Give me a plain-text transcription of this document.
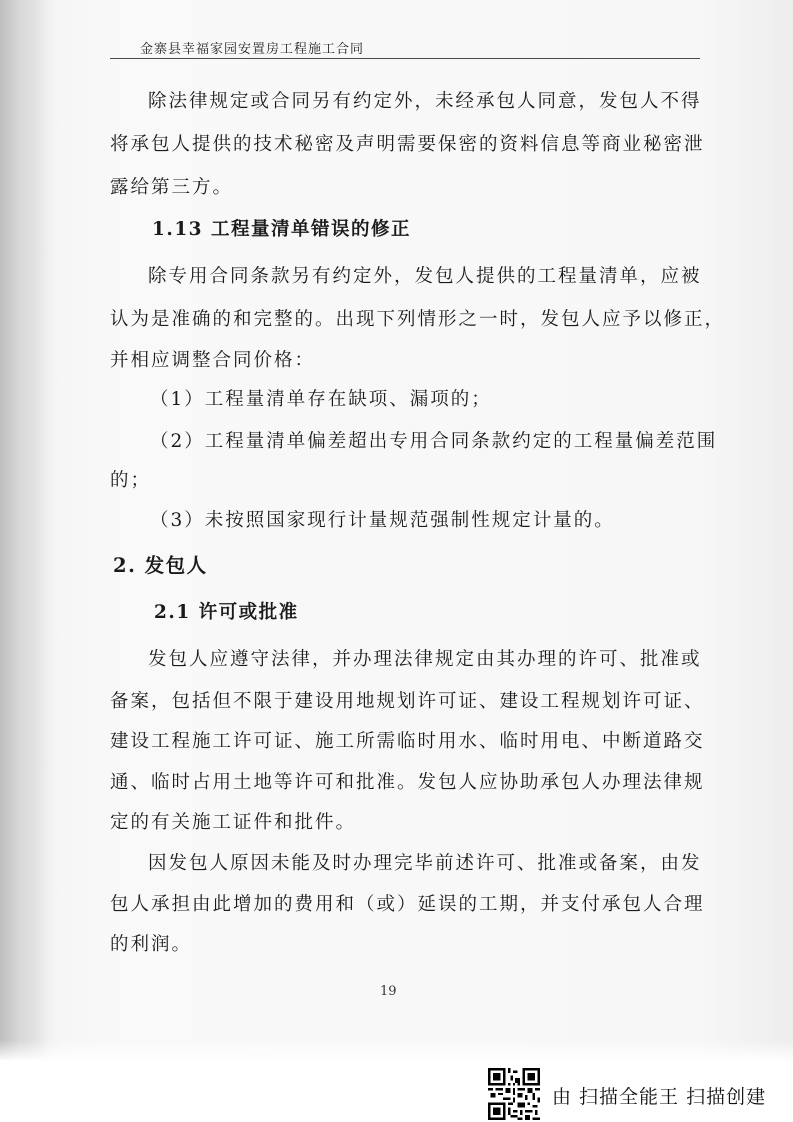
金寨县幸福家园安置房工程施工合同
除法律规定或合同另有约定外，未经承包人同意，发包人不得
将承包人提供的技术秘密及声明需要保密的资料信息等商业秘密泄
露给第三方。
1.13 工程量清单错误的修正
除专用合同条款另有约定外，发包人提供的工程量清单，应被
认为是准确的和完整的。出现下列情形之一时，发包人应予以修正，
并相应调整合同价格：
（1）工程量清单存在缺项、漏项的；
（2）工程量清单偏差超出专用合同条款约定的工程量偏差范围
的；
（3）未按照国家现行计量规范强制性规定计量的。
2. 发包人
2.1 许可或批准
发包人应遵守法律，并办理法律规定由其办理的许可、批准或
备案，包括但不限于建设用地规划许可证、建设工程规划许可证、
建设工程施工许可证、施工所需临时用水、临时用电、中断道路交
通、临时占用土地等许可和批准。发包人应协助承包人办理法律规
定的有关施工证件和批件。
因发包人原因未能及时办理完毕前述许可、批准或备案，由发
包人承担由此增加的费用和（或）延误的工期，并支付承包人合理
的利润。
19
由 扫描全能王 扫描创建
